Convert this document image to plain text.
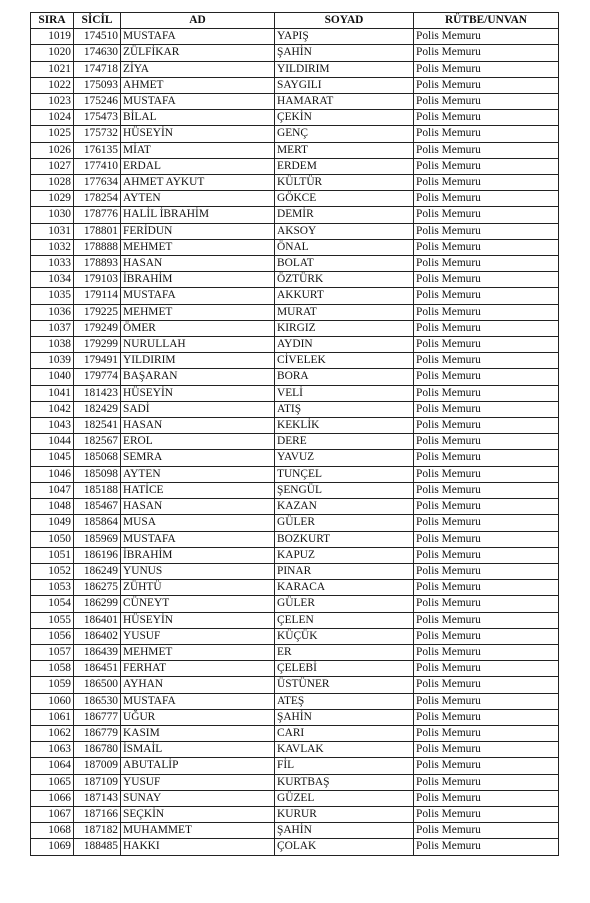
SIRA	SİCİL	AD	SOYAD	RÜTBE/UNVAN
1019	174510	MUSTAFA	YAPIŞ	Polis Memuru
1020	174630	ZÜLFİKAR	ŞAHİN	Polis Memuru
1021	174718	ZİYA	YILDIRIM	Polis Memuru
1022	175093	AHMET	SAYGILI	Polis Memuru
1023	175246	MUSTAFA	HAMARAT	Polis Memuru
1024	175473	BİLAL	ÇEKİN	Polis Memuru
1025	175732	HÜSEYİN	GENÇ	Polis Memuru
1026	176135	MİAT	MERT	Polis Memuru
1027	177410	ERDAL	ERDEM	Polis Memuru
1028	177634	AHMET AYKUT	KÜLTÜR	Polis Memuru
1029	178254	AYTEN	GÖKCE	Polis Memuru
1030	178776	HALİL İBRAHİM	DEMİR	Polis Memuru
1031	178801	FERİDUN	AKSOY	Polis Memuru
1032	178888	MEHMET	ÖNAL	Polis Memuru
1033	178893	HASAN	BOLAT	Polis Memuru
1034	179103	İBRAHİM	ÖZTÜRK	Polis Memuru
1035	179114	MUSTAFA	AKKURT	Polis Memuru
1036	179225	MEHMET	MURAT	Polis Memuru
1037	179249	ÖMER	KIRGIZ	Polis Memuru
1038	179299	NURULLAH	AYDIN	Polis Memuru
1039	179491	YILDIRIM	CİVELEK	Polis Memuru
1040	179774	BAŞARAN	BORA	Polis Memuru
1041	181423	HÜSEYİN	VELİ	Polis Memuru
1042	182429	SADİ	ATIŞ	Polis Memuru
1043	182541	HASAN	KEKLİK	Polis Memuru
1044	182567	EROL	DERE	Polis Memuru
1045	185068	SEMRA	YAVUZ	Polis Memuru
1046	185098	AYTEN	TUNÇEL	Polis Memuru
1047	185188	HATİCE	ŞENGÜL	Polis Memuru
1048	185467	HASAN	KAZAN	Polis Memuru
1049	185864	MUSA	GÜLER	Polis Memuru
1050	185969	MUSTAFA	BOZKURT	Polis Memuru
1051	186196	İBRAHİM	KAPUZ	Polis Memuru
1052	186249	YUNUS	PINAR	Polis Memuru
1053	186275	ZÜHTÜ	KARACA	Polis Memuru
1054	186299	CÜNEYT	GÜLER	Polis Memuru
1055	186401	HÜSEYİN	ÇELEN	Polis Memuru
1056	186402	YUSUF	KÜÇÜK	Polis Memuru
1057	186439	MEHMET	ER	Polis Memuru
1058	186451	FERHAT	ÇELEBİ	Polis Memuru
1059	186500	AYHAN	ÜSTÜNER	Polis Memuru
1060	186530	MUSTAFA	ATEŞ	Polis Memuru
1061	186777	UĞUR	ŞAHİN	Polis Memuru
1062	186779	KASIM	CARI	Polis Memuru
1063	186780	İSMAİL	KAVLAK	Polis Memuru
1064	187009	ABUTALİP	FİL	Polis Memuru
1065	187109	YUSUF	KURTBAŞ	Polis Memuru
1066	187143	SUNAY	GÜZEL	Polis Memuru
1067	187166	SEÇKİN	KURUR	Polis Memuru
1068	187182	MUHAMMET	ŞAHİN	Polis Memuru
1069	188485	HAKKI	ÇOLAK	Polis Memuru
